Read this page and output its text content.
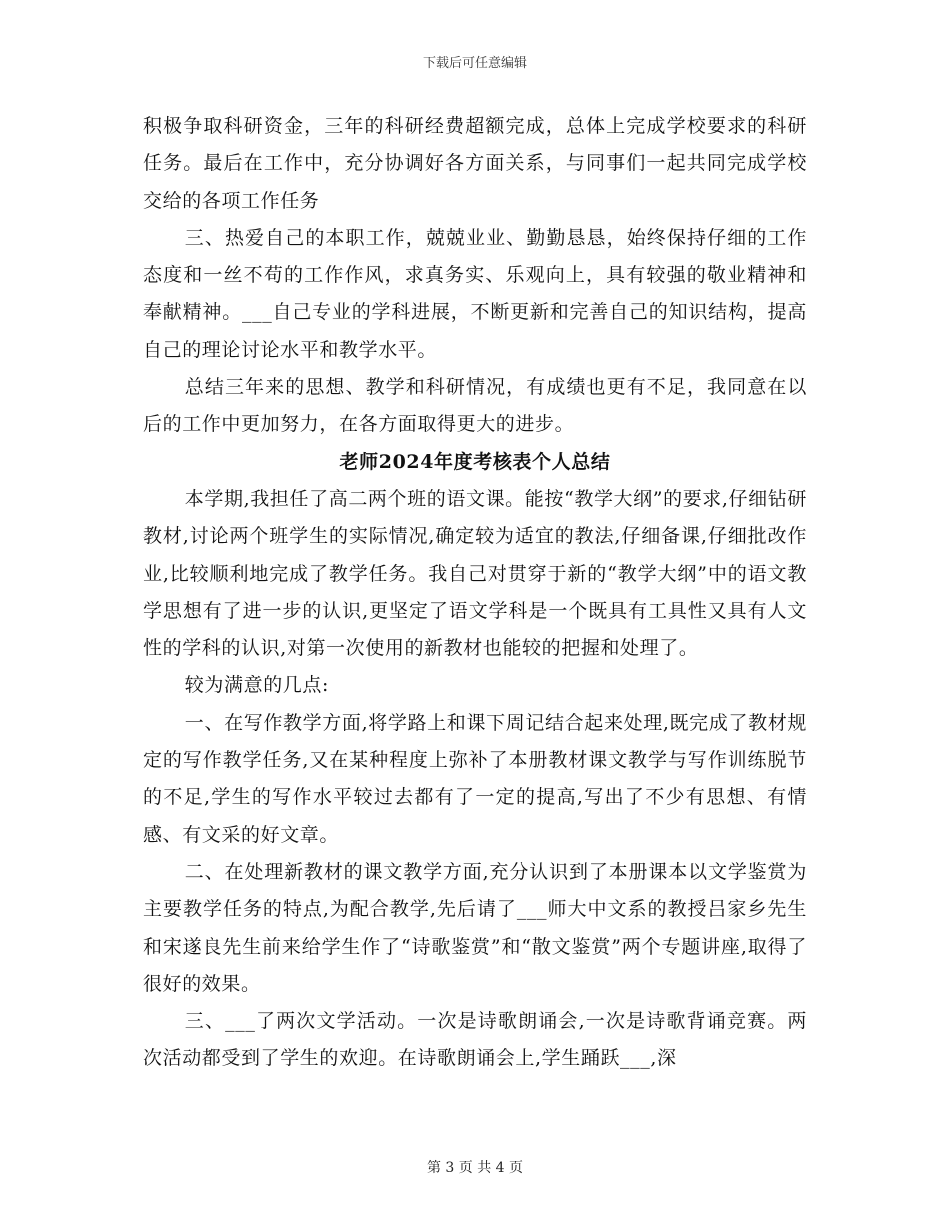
下载后可任意编辑

积极争取科研资金，三年的科研经费超额完成，总体上完成学校要求的科研任务。最后在工作中，充分协调好各方面关系，与同事们一起共同完成学校交给的各项工作任务

三、热爱自己的本职工作，兢兢业业、勤勤恳恳，始终保持仔细的工作态度和一丝不苟的工作作风，求真务实、乐观向上，具有较强的敬业精神和奉献精神。___自己专业的学科进展，不断更新和完善自己的知识结构，提高自己的理论讨论水平和教学水平。

总结三年来的思想、教学和科研情况，有成绩也更有不足，我同意在以后的工作中更加努力，在各方面取得更大的进步。

老师2024年度考核表个人总结

本学期,我担任了高二两个班的语文课。能按“教学大纲”的要求,仔细钻研教材,讨论两个班学生的实际情况,确定较为适宜的教法,仔细备课,仔细批改作业,比较顺利地完成了教学任务。我自己对贯穿于新的“教学大纲”中的语文教学思想有了进一步的认识,更坚定了语文学科是一个既具有工具性又具有人文性的学科的认识,对第一次使用的新教材也能较的把握和处理了。

较为满意的几点:

一、在写作教学方面,将学路上和课下周记结合起来处理,既完成了教材规定的写作教学任务,又在某种程度上弥补了本册教材课文教学与写作训练脱节的不足,学生的写作水平较过去都有了一定的提高,写出了不少有思想、有情感、有文采的好文章。

二、在处理新教材的课文教学方面,充分认识到了本册课本以文学鉴赏为主要教学任务的特点,为配合教学,先后请了___师大中文系的教授吕家乡先生和宋遂良先生前来给学生作了“诗歌鉴赏”和“散文鉴赏”两个专题讲座,取得了很好的效果。

三、___了两次文学活动。一次是诗歌朗诵会,一次是诗歌背诵竞赛。两次活动都受到了学生的欢迎。在诗歌朗诵会上,学生踊跃___,深

第 3 页 共 4 页
